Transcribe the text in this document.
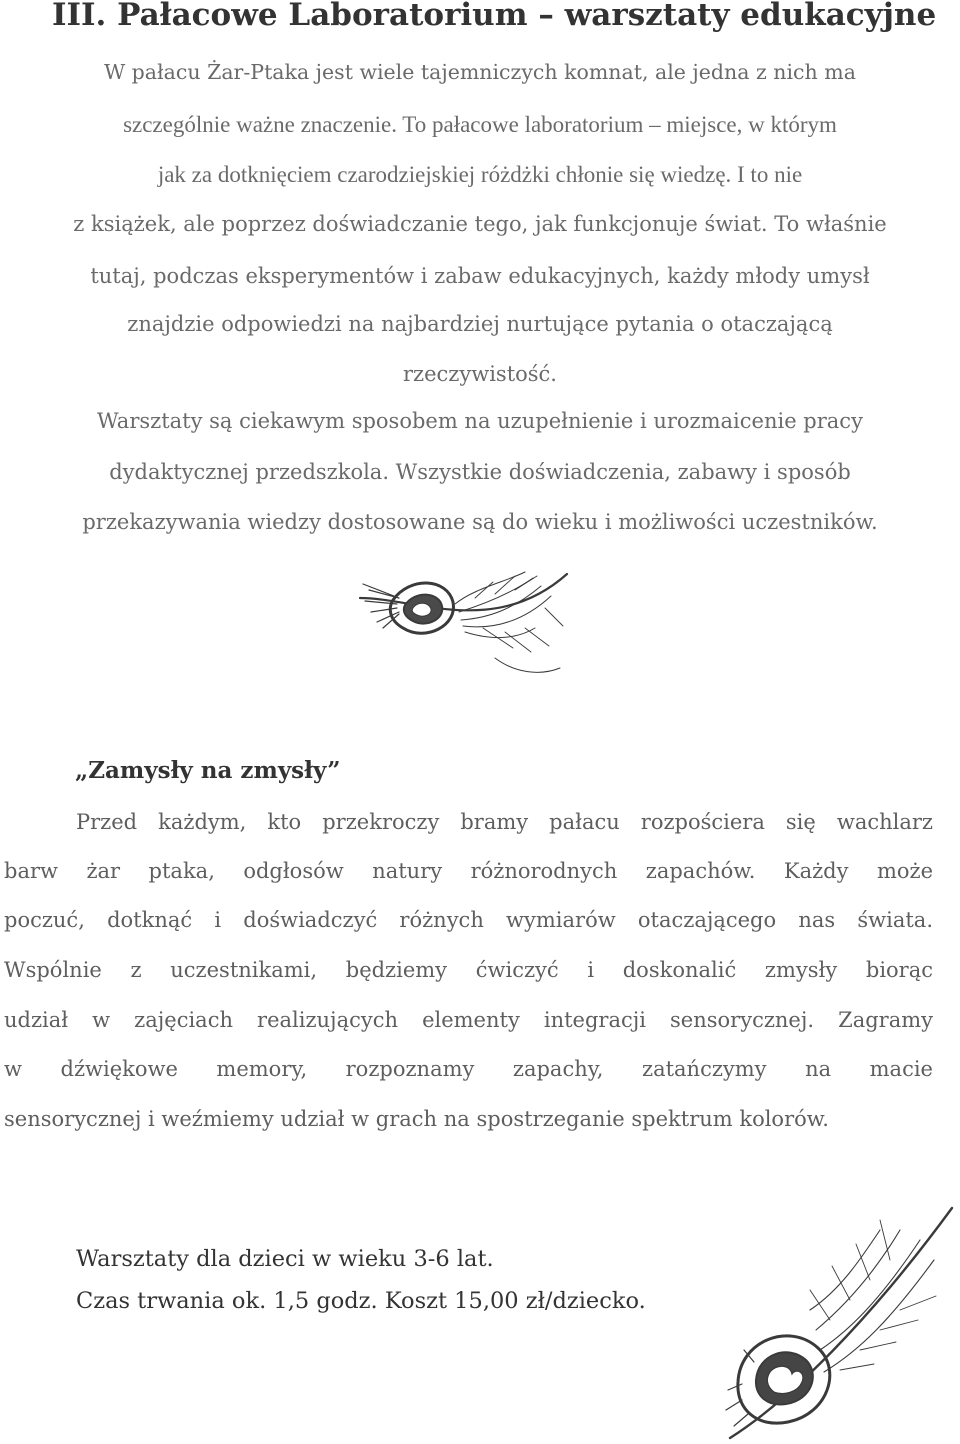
III. Pałacowe Laboratorium – warsztaty edukacyjne
W pałacu Żar-Ptaka jest wiele tajemniczych komnat, ale jedna z nich ma
szczególnie ważne znaczenie. To pałacowe laboratorium – miejsce, w którym
jak za dotknięciem czarodziejskiej różdżki chłonie się wiedzę. I to nie
z książek, ale poprzez doświadczanie tego, jak funkcjonuje świat. To właśnie
tutaj, podczas eksperymentów i zabaw edukacyjnych, każdy młody umysł
znajdzie odpowiedzi na najbardziej nurtujące pytania o otaczającą
rzeczywistość.
Warsztaty są ciekawym sposobem na uzupełnienie i urozmaicenie pracy
dydaktycznej przedszkola. Wszystkie doświadczenia, zabawy i sposób
przekazywania wiedzy dostosowane są do wieku i możliwości uczestników.
„Zamysły na zmysły”
Przed każdym, kto przekroczy bramy pałacu rozpościera się wachlarz
barw żar ptaka, odgłosów natury różnorodnych zapachów. Każdy może
poczuć, dotknąć i doświadczyć różnych wymiarów otaczającego nas świata.
Wspólnie z uczestnikami, będziemy ćwiczyć i doskonalić zmysły biorąc
udział w zajęciach realizujących elementy integracji sensorycznej. Zagramy
w dźwiękowe memory, rozpoznamy zapachy, zatańczymy na macie
sensorycznej i weźmiemy udział w grach na spostrzeganie spektrum kolorów.
Warsztaty dla dzieci w wieku 3-6 lat.
Czas trwania ok. 1,5 godz. Koszt 15,00 zł/dziecko.
